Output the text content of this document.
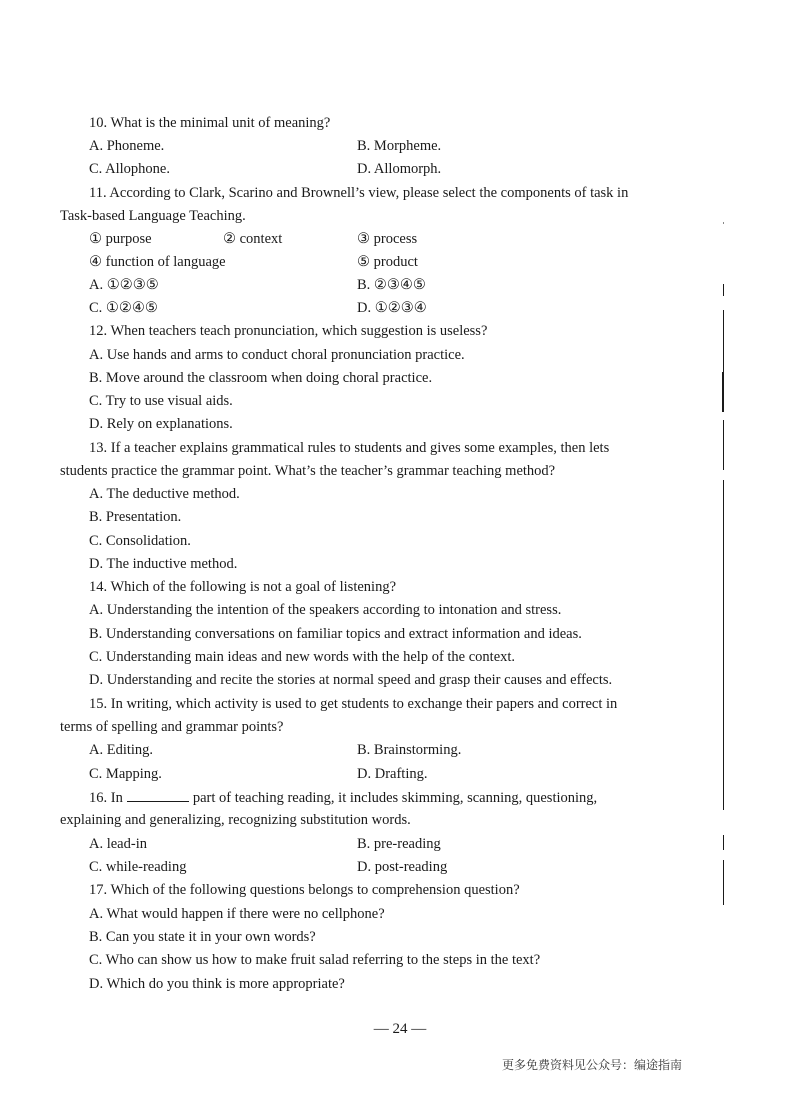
10. What is the minimal unit of meaning?
A. Phoneme.	B. Morpheme.
C. Allophone.	D. Allomorph.
11. According to Clark, Scarino and Brownell’s view, please select the components of task in
Task-based Language Teaching.
① purpose	② context	③ process
④ function of language	⑤ product
A. ①②③⑤	B. ②③④⑤
C. ①②④⑤	D. ①②③④
12. When teachers teach pronunciation, which suggestion is useless?
A. Use hands and arms to conduct choral pronunciation practice.
B. Move around the classroom when doing choral practice.
C. Try to use visual aids.
D. Rely on explanations.
13. If a teacher explains grammatical rules to students and gives some examples, then lets
students practice the grammar point. What’s the teacher’s grammar teaching method?
A. The deductive method.
B. Presentation.
C. Consolidation.
D. The inductive method.
14. Which of the following is not a goal of listening?
A. Understanding the intention of the speakers according to intonation and stress.
B. Understanding conversations on familiar topics and extract information and ideas.
C. Understanding main ideas and new words with the help of the context.
D. Understanding and recite the stories at normal speed and grasp their causes and effects.
15. In writing, which activity is used to get students to exchange their papers and correct in
terms of spelling and grammar points?
A. Editing.	B. Brainstorming.
C. Mapping.	D. Drafting.
16. In	part of teaching reading, it includes skimming, scanning, questioning,
explaining and generalizing, recognizing substitution words.
A. lead-in	B. pre-reading
C. while-reading	D. post-reading
17. Which of the following questions belongs to comprehension question?
A. What would happen if there were no cellphone?
B. Can you state it in your own words?
C. Who can show us how to make fruit salad referring to the steps in the text?
D. Which do you think is more appropriate?
— 24 —
更多免费资料见公众号：编途指南
